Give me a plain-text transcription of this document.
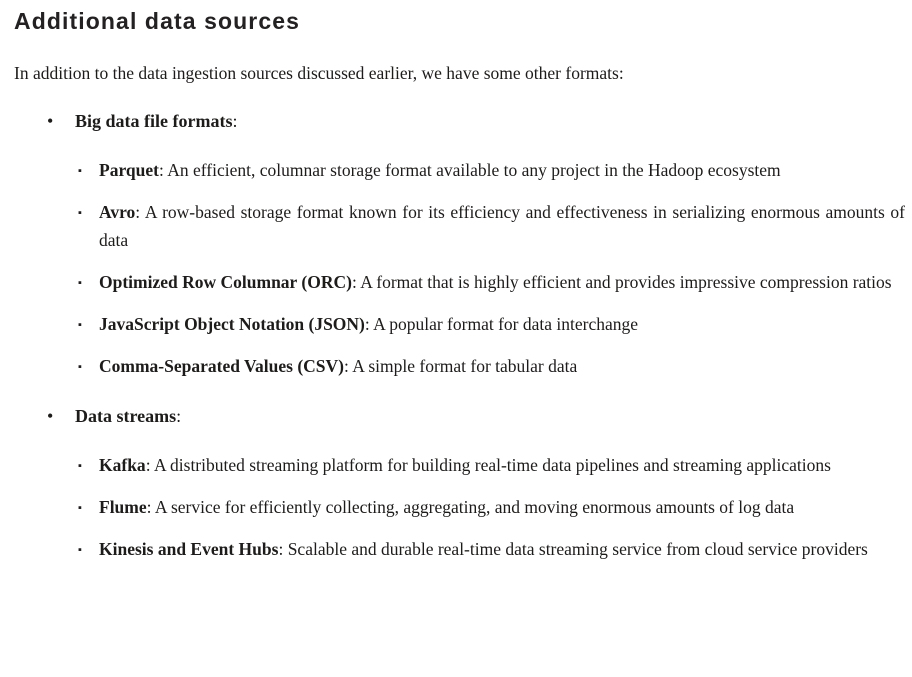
Additional data sources

In addition to the data ingestion sources discussed earlier, we have some other formats:

• Big data file formats:
▪ Parquet: An efficient, columnar storage format available to any project in the Hadoop ecosystem
▪ Avro: A row-based storage format known for its efficiency and effectiveness in serializing enormous amounts of data
▪ Optimized Row Columnar (ORC): A format that is highly efficient and provides impressive compression ratios
▪ JavaScript Object Notation (JSON): A popular format for data interchange
▪ Comma-Separated Values (CSV): A simple format for tabular data
• Data streams:
▪ Kafka: A distributed streaming platform for building real-time data pipelines and streaming applications
▪ Flume: A service for efficiently collecting, aggregating, and moving enormous amounts of log data
▪ Kinesis and Event Hubs: Scalable and durable real-time data streaming service from cloud service providers
